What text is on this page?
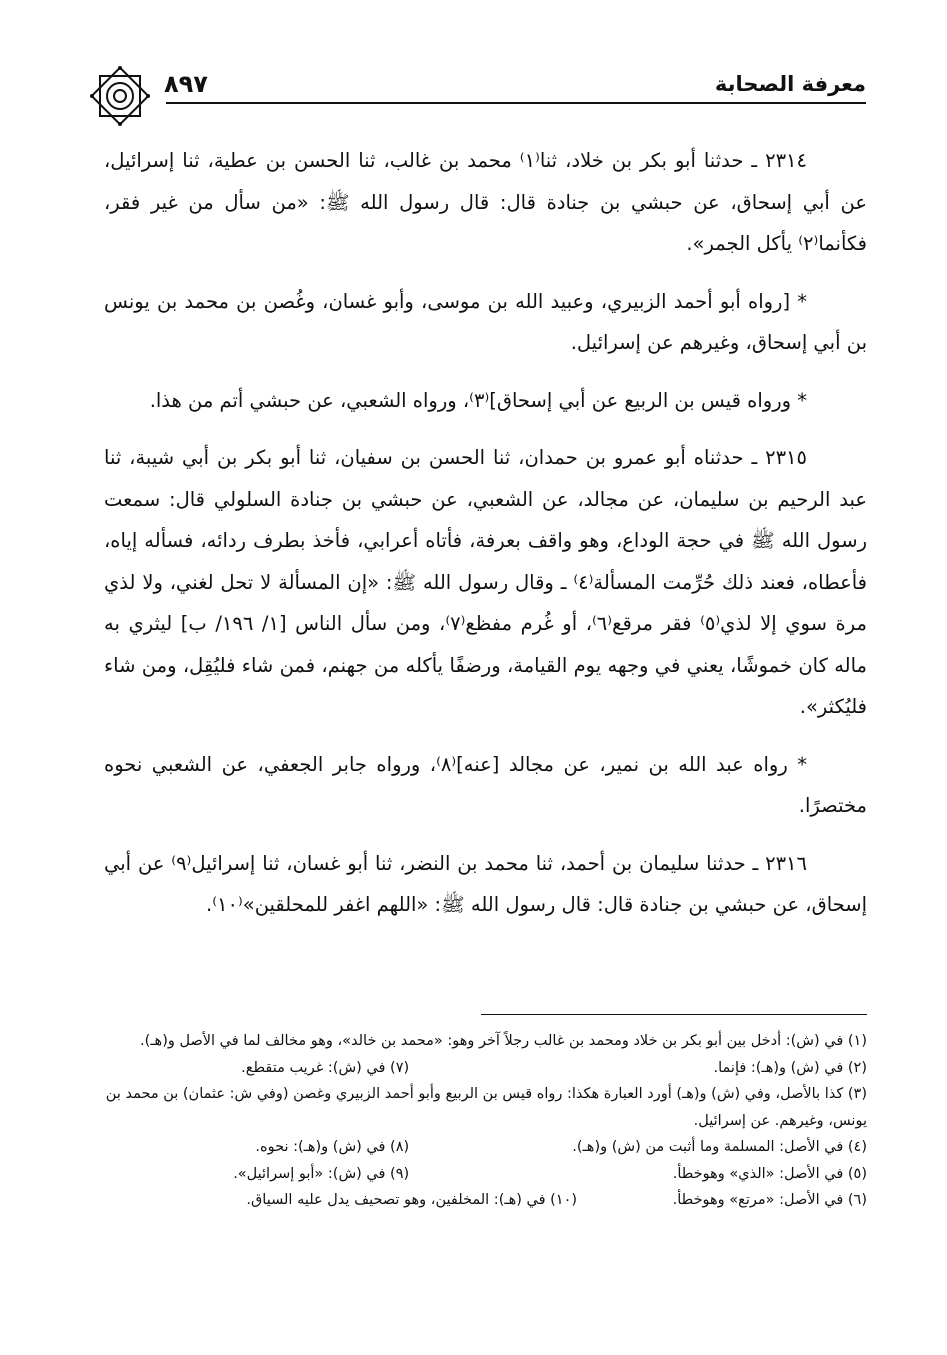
٨٩٧	معرفة الصحابة

٢٣١٤ ـ حدثنا أبو بكر بن خلاد، ثنا⁽١⁾ محمد بن غالب، ثنا الحسن بن عطية، ثنا إسرائيل، عن أبي إسحاق، عن حبشي بن جنادة قال: قال رسول الله ﷺ: «من سأل من غير فقر، فكأنما⁽٢⁾ يأكل الجمر».

* [رواه أبو أحمد الزبيري، وعبيد الله بن موسى، وأبو غسان، وغُصن بن محمد بن يونس بن أبي إسحاق، وغيرهم عن إسرائيل.

* ورواه قيس بن الربيع عن أبي إسحاق]⁽٣⁾، ورواه الشعبي، عن حبشي أتم من هذا.

٢٣١٥ ـ حدثناه أبو عمرو بن حمدان، ثنا الحسن بن سفيان، ثنا أبو بكر بن أبي شيبة، ثنا عبد الرحيم بن سليمان، عن مجالد، عن الشعبي، عن حبشي بن جنادة السلولي قال: سمعت رسول الله ﷺ في حجة الوداع، وهو واقف بعرفة، فأتاه أعرابي، فأخذ بطرف ردائه، فسأله إياه، فأعطاه، فعند ذلك حُرِّمت المسألة⁽٤⁾ ـ وقال رسول الله ﷺ: «إن المسألة لا تحل لغني، ولا لذي مرة سوي إلا لذي⁽٥⁾ فقر مرقع⁽٦⁾، أو غُرم مفظع⁽٧⁾، ومن سأل الناس [١/ ١٩٦/ ب] ليثري به ماله كان خموشًا، يعني في وجهه يوم القيامة، ورضفًا يأكله من جهنم، فمن شاء فليُقِل، ومن شاء فليُكثر».

* رواه عبد الله بن نمير، عن مجالد [عنه]⁽٨⁾، ورواه جابر الجعفي، عن الشعبي نحوه مختصرًا.

٢٣١٦ ـ حدثنا سليمان بن أحمد، ثنا محمد بن النضر، ثنا أبو غسان، ثنا إسرائيل⁽٩⁾ عن أبي إسحاق، عن حبشي بن جنادة قال: قال رسول الله ﷺ: «اللهم اغفر للمحلقين»⁽١٠⁾.

(١) في (ش): أدخل بين أبو بكر بن خلاد ومحمد بن غالب رجلاً آخر وهو: «محمد بن خالد»، وهو مخالف لما في الأصل و(هـ).

(٢) في (ش) و(هـ): فإنما.

(٧) في (ش): غريب متقطع.

(٣) كذا بالأصل، وفي (ش) و(هـ) أورد العبارة هكذا: رواه قيس بن الربيع وأبو أحمد الزبيري وغصن (وفي ش: عثمان) بن محمد بن يونس، وغيرهم. عن إسرائيل.

(٤) في الأصل: المسلمة وما أثبت من (ش) و(هـ).

(٨) في (ش) و(هـ): نحوه.

(٥) في الأصل: «الذي» وهوخطأ.

(٩) في (ش): «أبو إسرائيل».

(٦) في الأصل: «مرتع» وهوخطأ.

(١٠) في (هـ): المخلفين، وهو تصحيف يدل عليه السياق.
